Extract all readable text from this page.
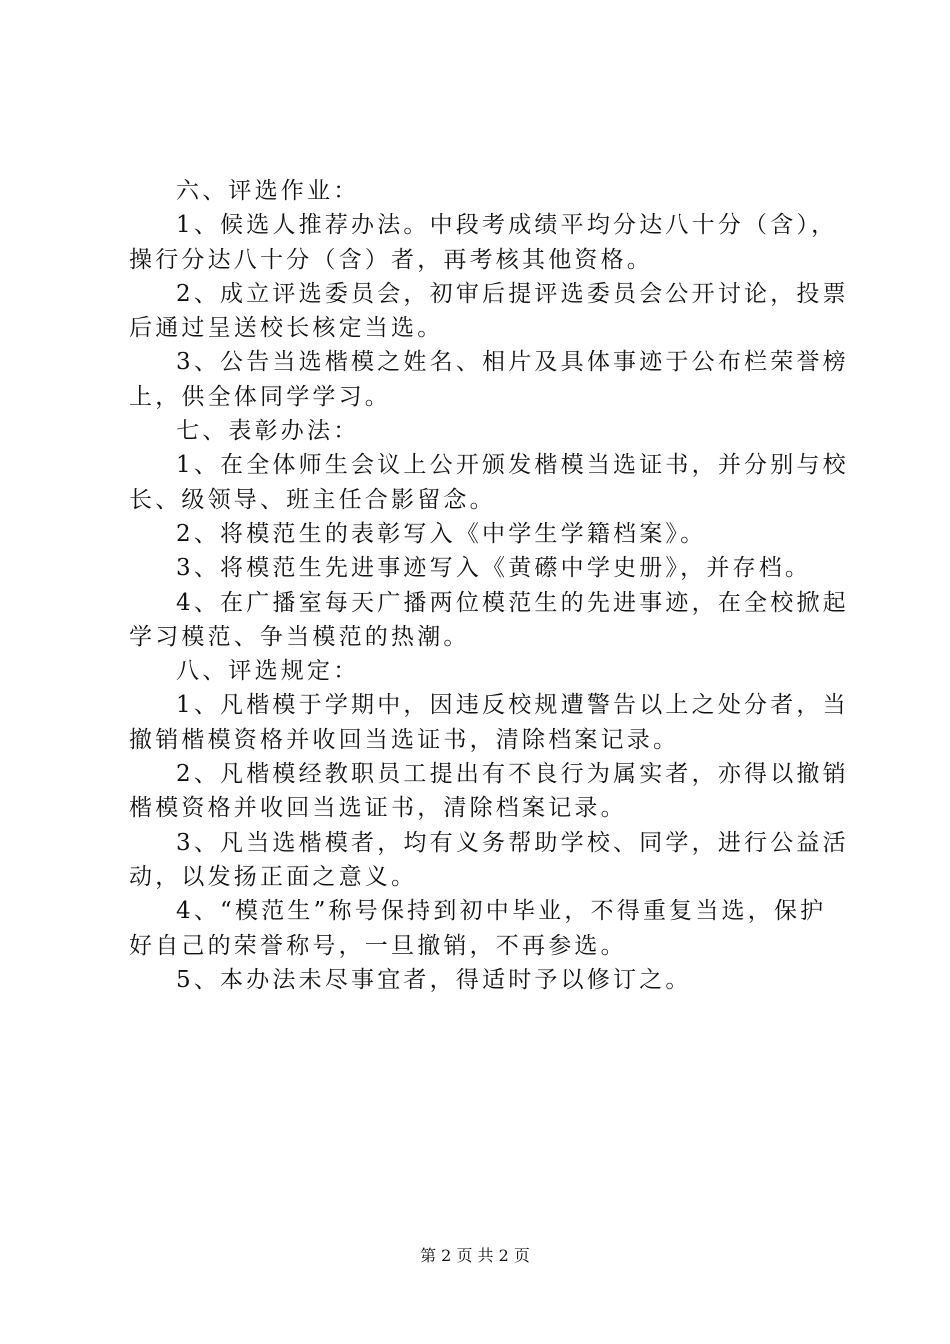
六、评选作业：
1、候选人推荐办法。中段考成绩平均分达八十分（含），
操行分达八十分（含）者，再考核其他资格。
2、成立评选委员会，初审后提评选委员会公开讨论，投票
后通过呈送校长核定当选。
3、公告当选楷模之姓名、相片及具体事迹于公布栏荣誉榜
上，供全体同学学习。
七、表彰办法：
1、在全体师生会议上公开颁发楷模当选证书，并分别与校
长、级领导、班主任合影留念。
2、将模范生的表彰写入《中学生学籍档案》。
3、将模范生先进事迹写入《黄礤中学史册》，并存档。
4、在广播室每天广播两位模范生的先进事迹，在全校掀起
学习模范、争当模范的热潮。
八、评选规定：
1、凡楷模于学期中，因违反校规遭警告以上之处分者，当
撤销楷模资格并收回当选证书，清除档案记录。
2、凡楷模经教职员工提出有不良行为属实者，亦得以撤销
楷模资格并收回当选证书，清除档案记录。
3、凡当选楷模者，均有义务帮助学校、同学，进行公益活
动，以发扬正面之意义。
4、“模范生”称号保持到初中毕业，不得重复当选，保护
好自己的荣誉称号，一旦撤销，不再参选。
5、本办法未尽事宜者，得适时予以修订之。
第 2 页 共 2 页
